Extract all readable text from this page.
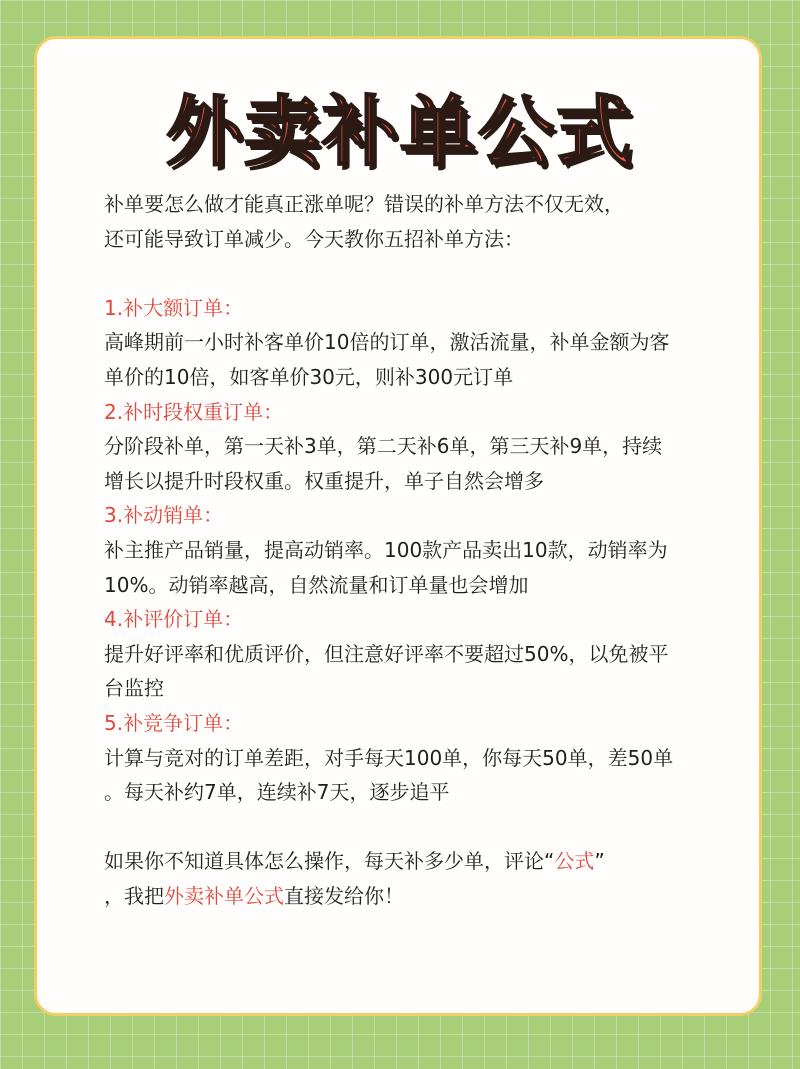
外卖补单公式
补单要怎么做才能真正涨单呢？错误的补单方法不仅无效，
还可能导致订单减少。今天教你五招补单方法：
1.补大额订单：
高峰期前一小时补客单价10倍的订单，激活流量，补单金额为客
单价的10倍，如客单价30元，则补300元订单
2.补时段权重订单：
分阶段补单，第一天补3单，第二天补6单，第三天补9单，持续
增长以提升时段权重。权重提升，单子自然会增多
3.补动销单：
补主推产品销量，提高动销率。100款产品卖出10款，动销率为
10%。动销率越高，自然流量和订单量也会增加
4.补评价订单：
提升好评率和优质评价，但注意好评率不要超过50%，以免被平
台监控
5.补竞争订单：
计算与竞对的订单差距，对手每天100单，你每天50单，差50单
。每天补约7单，连续补7天，逐步追平
如果你不知道具体怎么操作，每天补多少单，评论“公式”
，我把外卖补单公式直接发给你！
